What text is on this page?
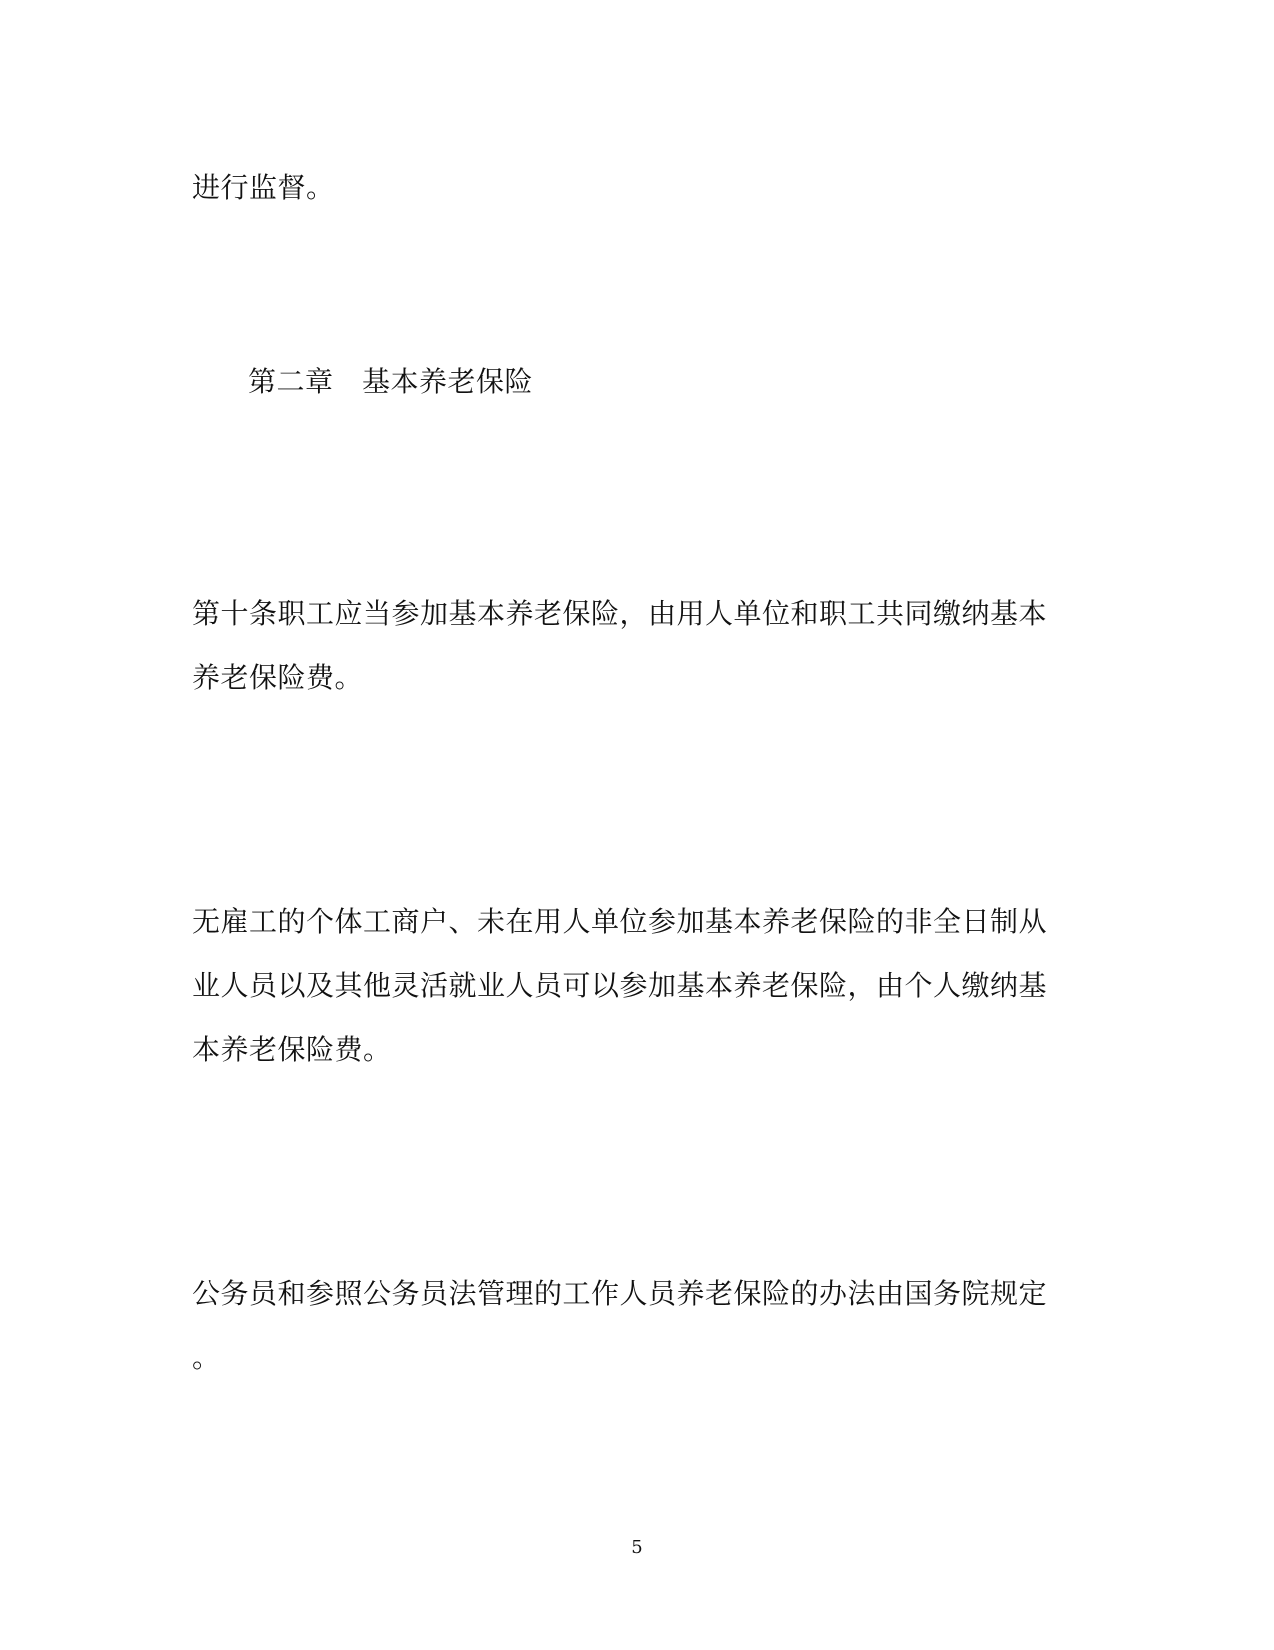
进行监督。
第二章　基本养老保险
第十条职工应当参加基本养老保险，由用人单位和职工共同缴纳基本
养老保险费。
无雇工的个体工商户、未在用人单位参加基本养老保险的非全日制从
业人员以及其他灵活就业人员可以参加基本养老保险，由个人缴纳基
本养老保险费。
公务员和参照公务员法管理的工作人员养老保险的办法由国务院规定
。
5
